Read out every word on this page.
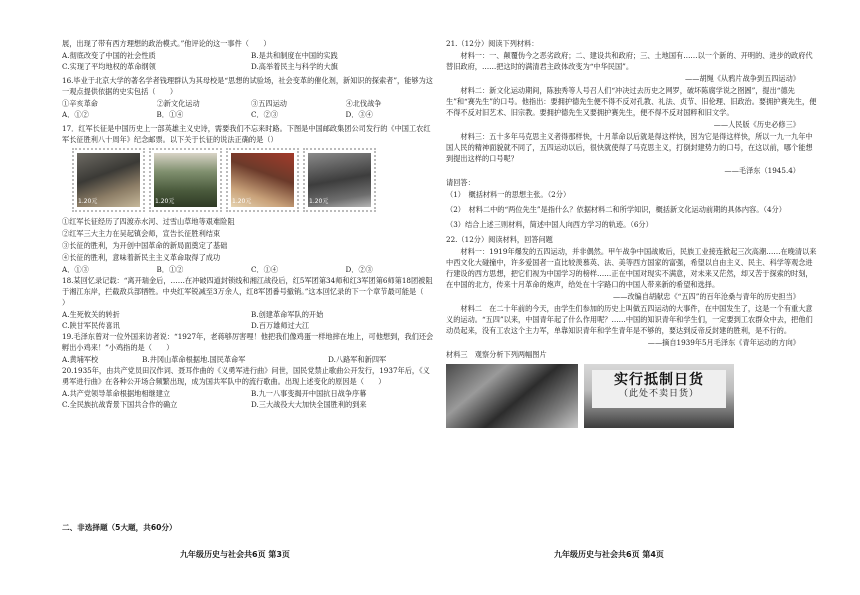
展，出现了带有西方理想的政治模式。”他评论的这一事件（　　）

A.彻底改变了中国的社会性质	B.是共和制度在中国的实践
C.实现了平均地权的革命纲领	D.高举着民主与科学的大旗

16.毕业于北京大学的著名学者钱理群认为其母校是“思想的试验场，社会变革的催化剂，新知识的探索者”，能够为这一观点提供依据的史实包括（　　）

①辛亥革命	②新文化运动	③五四运动	④北伐战争
A．①②	B．①④	C．②③	D．③④

17．红军长征是中国历史上一部英雄主义史诗，需要我们不忘来时路。下图是中国邮政集团公司发行的《中国工农红军长征胜利八十周年》纪念邮票。以下关于长征的说法正确的是（）

1.20元	1.20元	1.20元	1.20元

①红军长征经历了四渡赤水河、过雪山草地等艰难险阻

②红军三大主力在吴起镇会师，宣告长征胜利结束

③长征的胜利，为开创中国革命的新局面奠定了基础

④长征的胜利，意味着新民主主义革命取得了成功

A．①③	B．①②	C．①④	D．②③

18.某回忆录记载：“离开瑞金后，……在冲破四道封锁线和湘江战役后，红5军团第34师和红3军团第6师第18团被阻于湘江东岸，拦截敌兵部牺牲。中央红军锐减至3万余人，红8军团番号撤销。”这本回忆录的下一个章节最可能是（　　）

A.生死攸关的转折	B.创建革命军队的开始
C.陕甘军民传喜讯	D.百万雄师过大江

19.毛泽东曾对一位外国来访者说：“1927年，老蒋够厉害哩！他把我们像鸡蛋一样地摔在地上，可他想到，我们还会孵出小鸡来！”小鸡指的是（　　）

A.黄埔军校	B.井冈山革命根据地.国民革命军	D.八路军和新四军

20.1935年，由共产党员田汉作词、聂耳作曲的《义勇军进行曲》问世，国民党禁止歌曲公开发行，1937年后，《义勇军进行曲》在各种公开场合频繁出现，成为国共军队中的流行歌曲。出现上述变化的原因是（　　）

A.共产党领导革命根据地相继建立	B.九一八事变揭开中国抗日战争序幕
C.全民族抗战背景下国共合作的确立	D.三大战役大大加快全国胜利的到来
二、非选择题（5大题，共60分）
九年级历史与社会共6页 第3页

21.（12分）阅读下列材料：

材料一：一、颠覆伪今之恶劣政府；二、建设共和政府；三、土地国有……以一个新的、开明的、进步的政府代替旧政府，……把这时的满清君主政体改变为“中华民国”。

——胡绳《从鸦片战争到五四运动》

材料二：新文化运动期间，陈独秀等人号召人们“冲决过去历史之网罗，破坏陈腐学说之囹圄”，提出“德先生”和“赛先生”的口号。他指出：要拥护德先生便不得不反对孔教、礼法、贞节、旧伦理、旧政治。要拥护赛先生，便不得不反对旧艺术、旧宗教。要拥护德先生又要拥护赛先生，便不得不反对国粹和旧文学。

——人民版《历史必修三》

材料三：五十多年马克思主义者得那样快，十月革命以后就是得这样快，因为它是得这样快，所以一九一九年中国人民的精神面貌就不同了，五四运动以后，很快就使得了马克思主义，打倒封建势力的口号，在这以前，哪个能想到提出这样的口号呢？

——毛泽东（1945.4）

请回答：

（1）　概括材料一的思想主张。（2分）

（2）　材料二中的“两位先生”是指什么？依据材料二和所学知识，概括新文化运动前期的具体内容。（4分）

（3）结合上述三则材料，简述中国人向西方学习的轨迹。（6分）

22.（12分）阅读材料，回答问题

材料一：1919年爆发的五四运动，并非偶然。甲午战争中国战败后，民族工业接连掀起三次高潮……在晚清以来中西文化大碰撞中，许多爱国者一直比较羡慕英、法、美等西方国家的富强，希望以自由主义、民主、科学等观念进行建设的西方思想，把它们视为中国学习的榜样……正在中国对现实不满意，对未来又茫然，却又苦于探索的时刻，在中国的北方，传来十月革命的炮声，给处在十字路口的中国人带来新的希望和选择。

——改编自胡献忠《“五四”的百年沧桑与青年的历史担当》

材料二　在二十年前的今天，由学生们参加的历史上叫做五四运动的大事件，在中国发生了，这是一个有重大意义的运动。“五四”以来，中国青年起了什么作用呢？……中国的知识青年和学生们，一定要到工农群众中去，把他们动员起来，没有工农这个主力军，单靠知识青年和学生青年是不够的，要达到反帝反封建的胜利，是不行的。

——摘自1939年5月毛泽东《青年运动的方向》

材料三　观察分析下列两幅图片

实行抵制日货
（此处不卖日货）
九年级历史与社会共6页 第4页
